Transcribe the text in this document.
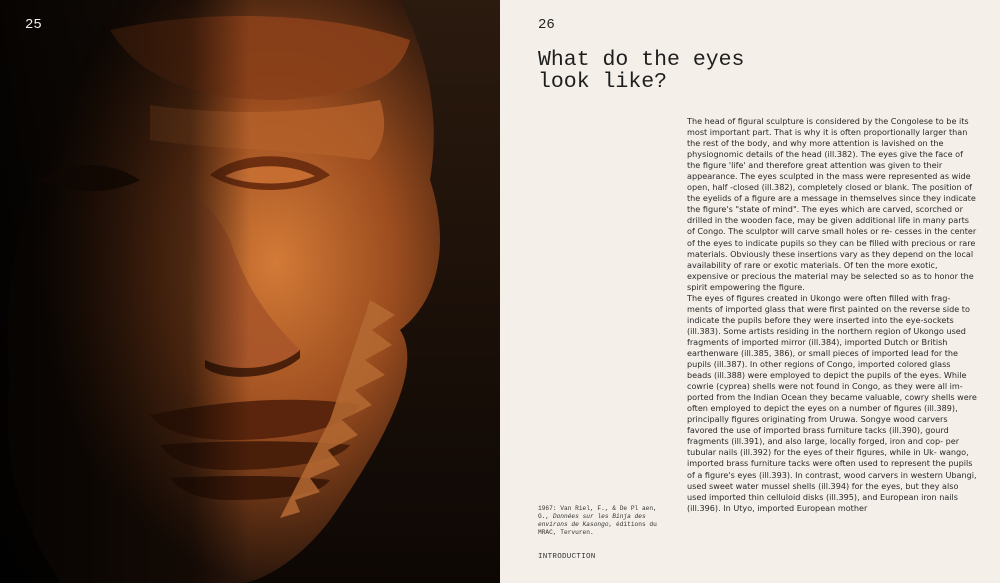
25	26
What do the eyes
look like?

The head of figural sculpture is considered by the Congolese to be its most important part. That is why it is often proportionally larger than the rest of the body, and why more attention is lavished on the physiognomic details of the head (ill.382). The eyes give the face of the figure 'life' and therefore great attention was given to their appearance. The eyes sculpted in the mass were represented as wide open, half -closed (ill.382), completely closed or blank. The position of the eyelids of a figure are a message in themselves since they indicate the figure's "state of mind". The eyes which are carved, scorched or drilled in the wooden face, may be given additional life in many parts of Congo. The sculptor will carve small holes or re- cesses in the center of the eyes to indicate pupils so they can be filled with precious or rare materials. Obviously these insertions vary as they depend on the local availability of rare or exotic materials. Of ten the more exotic, expensive or precious the material may be selected so as to honor the spirit empowering the figure.

The eyes of figures created in Ukongo were often filled with frag- ments of imported glass that were first painted on the reverse side to indicate the pupils before they were inserted into the eye-sockets (ill.383). Some artists residing in the northern region of Ukongo used fragments of imported mirror (ill.384), imported Dutch or British earthenware (ill.385, 386), or small pieces of imported lead for the pupils (ill.387). In other regions of Congo, imported colored glass beads (ill.388) were employed to depict the pupils of the eyes. While cowrie (cyprea) shells were not found in Congo, as they were all im- ported from the Indian Ocean they became valuable, cowry shells were often employed to depict the eyes on a number of figures (ill.389), principally figures originating from Uruwa. Songye wood carvers favored the use of imported brass furniture tacks (ill.390), gourd fragments (ill.391), and also large, locally forged, iron and cop- per tubular nails (ill.392) for the eyes of their figures, while in Uk- wango, imported brass furniture tacks were often used to represent the pupils of a figure's eyes (ill.393). In contrast, wood carvers in western Ubangi, used sweet water mussel shells (ill.394) for the eyes, but they also used imported thin celluloid disks (ill.395), and European iron nails (ill.396). In Utyo, imported European mother

1967: Van Riel, F., & De Pl aen, G., Données sur les Binja des environs de Kasongo, éditions du MRAC, Tervuren.

INTRODUCTION
